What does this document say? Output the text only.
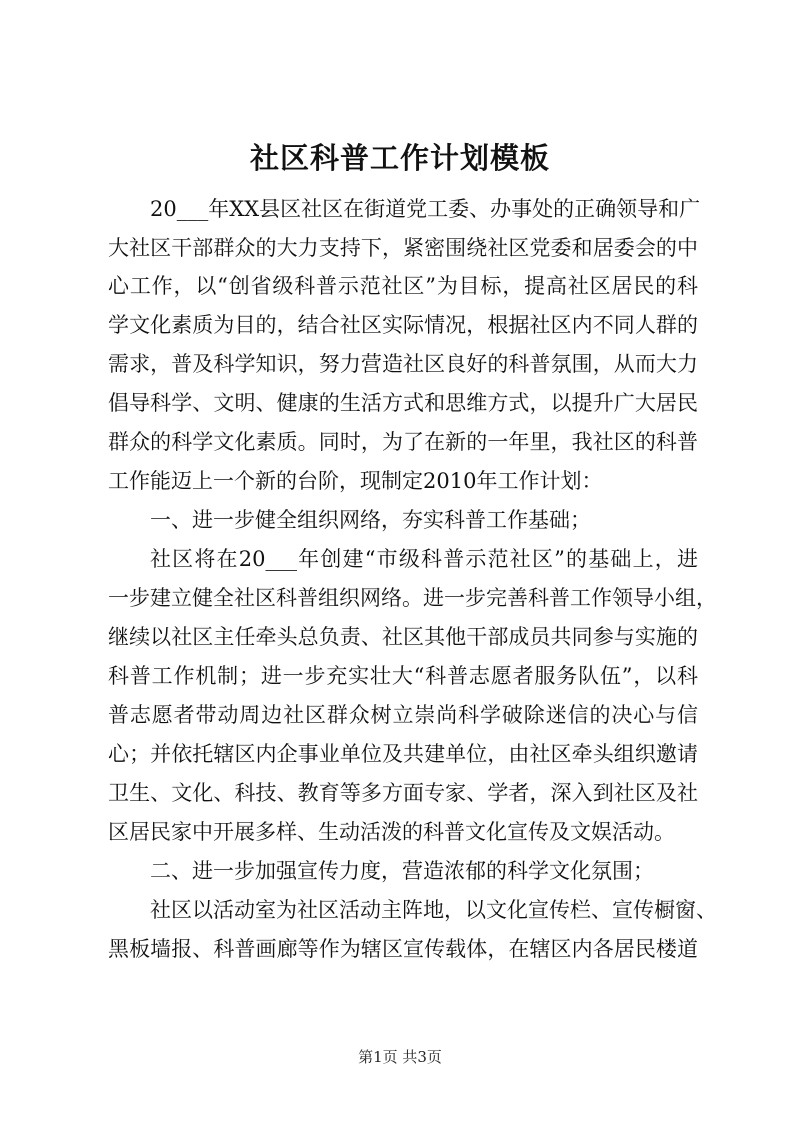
社区科普工作计划模板
20___年XX县区社区在街道党工委、办事处的正确领导和广
大社区干部群众的大力支持下，紧密围绕社区党委和居委会的中
心工作，以“创省级科普示范社区”为目标，提高社区居民的科
学文化素质为目的，结合社区实际情况，根据社区内不同人群的
需求，普及科学知识，努力营造社区良好的科普氛围，从而大力
倡导科学、文明、健康的生活方式和思维方式，以提升广大居民
群众的科学文化素质。同时，为了在新的一年里，我社区的科普
工作能迈上一个新的台阶，现制定2010年工作计划：
一、进一步健全组织网络，夯实科普工作基础；
社区将在20___年创建“市级科普示范社区”的基础上，进
一步建立健全社区科普组织网络。进一步完善科普工作领导小组，
继续以社区主任牵头总负责、社区其他干部成员共同参与实施的
科普工作机制；进一步充实壮大“科普志愿者服务队伍”，以科
普志愿者带动周边社区群众树立崇尚科学破除迷信的决心与信
心；并依托辖区内企事业单位及共建单位，由社区牵头组织邀请
卫生、文化、科技、教育等多方面专家、学者，深入到社区及社
区居民家中开展多样、生动活泼的科普文化宣传及文娱活动。
二、进一步加强宣传力度，营造浓郁的科学文化氛围；
社区以活动室为社区活动主阵地，以文化宣传栏、宣传橱窗、
黑板墙报、科普画廊等作为辖区宣传载体，在辖区内各居民楼道
第1页 共3页
